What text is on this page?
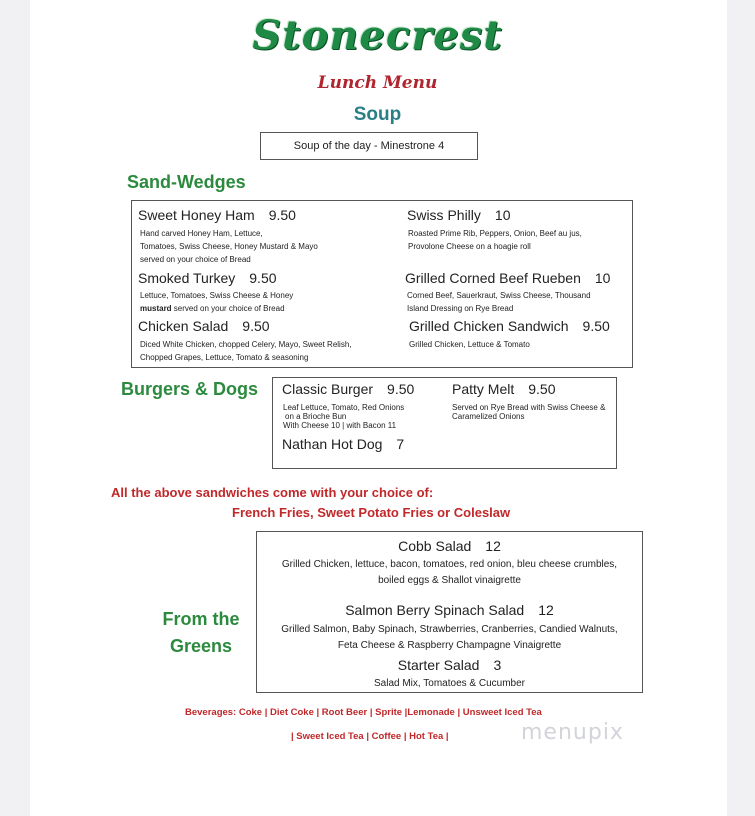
Stonecrest
Lunch Menu
Soup
Soup of the day - Minestrone 4
Sand-Wedges
Sweet Honey Ham 9.50
Hand carved Honey Ham, Lettuce,
Tomatoes, Swiss Cheese, Honey Mustard & Mayo
served on your choice of Bread
Swiss Philly 10
Roasted Prime Rib, Peppers, Onion, Beef au jus,
Provolone Cheese on a hoagie roll
Smoked Turkey 9.50
Lettuce, Tomatoes, Swiss Cheese & Honey
mustard served on your choice of Bread
Grilled Corned Beef Rueben 10
Corned Beef, Sauerkraut, Swiss Cheese, Thousand
Island Dressing on Rye Bread
Chicken Salad 9.50
Diced White Chicken, chopped Celery, Mayo, Sweet Relish,
Chopped Grapes, Lettuce, Tomato & seasoning
Grilled Chicken Sandwich 9.50
Grilled Chicken, Lettuce & Tomato
Burgers & Dogs Classic Burger 9.50
Leaf Lettuce, Tomato, Red Onions
on a Brioche Bun
With Cheese 10 | with Bacon 11
Patty Melt 9.50
Served on Rye Bread with Swiss Cheese &
Caramelized Onions
Nathan Hot Dog 7
All the above sandwiches come with your choice of:
French Fries, Sweet Potato Fries or Coleslaw
From the
Greens
Cobb Salad 12
Grilled Chicken, lettuce, bacon, tomatoes, red onion, bleu cheese crumbles,
boiled eggs & Shallot vinaigrette
Salmon Berry Spinach Salad 12
Grilled Salmon, Baby Spinach, Strawberries, Cranberries, Candied Walnuts,
Feta Cheese & Raspberry Champagne Vinaigrette
Starter Salad 3
Salad Mix, Tomatoes & Cucumber
Beverages: Coke | Diet Coke | Root Beer | Sprite |Lemonade | Unsweet Iced Tea
| Sweet Iced Tea | Coffee | Hot Tea |	menupix
